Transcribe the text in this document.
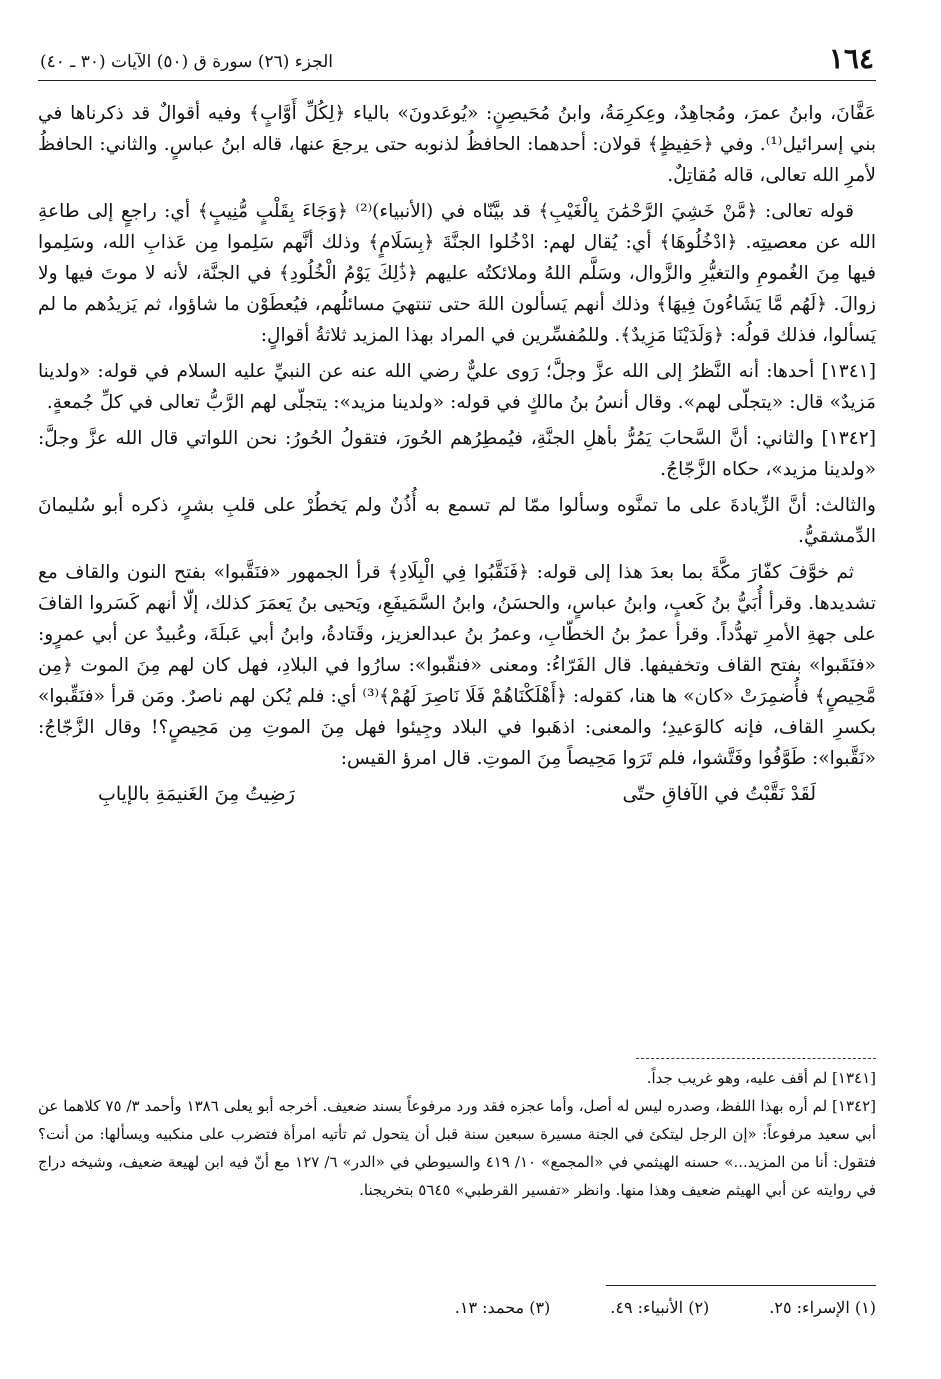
١٦٤
الجزء (٢٦) سورة ق (٥٠) الآيات (٣٠ ـ ٤٠)

عَفَّانَ، وابنُ عمرَ، ومُجاهِدٌ، وعِكرِمَةُ، وابنُ مُحَيصِنٍ: «يُوعَدونَ» بالياء ﴿لِكُلِّ أَوَّابٍ﴾ وفيه أقوالٌ قد ذكرناها في بني إسرائيل⁽¹⁾. وفي ﴿حَفِيظٍ﴾ قولان: أحدهما: الحافظُ لذنوبه حتى يرجعَ عنها، قاله ابنُ عباسٍ. والثاني: الحافظُ لأمرِ الله تعالى، قاله مُقاتِلٌ.

قوله تعالى: ﴿مَّنْ خَشِيَ الرَّحْمَٰنَ بِالْغَيْبِ﴾ قد بيَّنّاه في (الأنبياء)⁽²⁾ ﴿وَجَاءَ بِقَلْبٍ مُّنِيبٍ﴾ أي: راجعٍ إلى طاعةِ الله عن معصيتِه. ﴿ادْخُلُوهَا﴾ أي: يُقال لهم: ادْخُلوا الجنَّةَ ﴿بِسَلَامٍ﴾ وذلك أنَّهم سَلِموا مِن عَذابِ الله، وسَلِموا فيها مِنَ الغُمومِ والتغيُّرِ والزَّوال، وسَلَّم اللهُ وملائكتُه عليهم ﴿ذَٰلِكَ يَوْمُ الْخُلُودِ﴾ في الجنَّة، لأنه لا موتَ فيها ولا زوالَ. ﴿لَهُم مَّا يَشَاءُونَ فِيهَا﴾ وذلك أنهم يَسألون اللهَ حتى تنتهيَ مسائلُهم، فيُعطَوْن ما شاؤوا، ثم يَزيدُهم ما لم يَسألوا، فذلك قولُه: ﴿وَلَدَيْنَا مَزِيدٌ﴾. وللمُفسِّرين في المراد بهذا المزيد ثلاثةُ أقوالٍ:

[١٣٤١] أحدها: أنه النَّظرُ إلى الله عزَّ وجلَّ؛ رَوى عليٌّ رضي الله عنه عن النبيِّ عليه السلام في قوله: «ولدينا مَزيدٌ» قال: «يتجلّى لهم». وقال أنسُ بنُ مالكٍ في قوله: «ولدينا مزيد»: يتجلّى لهم الرَّبُّ تعالى في كلِّ جُمعةٍ.

[١٣٤٢] والثاني: أنَّ السَّحابَ يَمُرُّ بأهلِ الجنَّةِ، فيُمطِرُهم الحُورَ، فتقولُ الحُورُ: نحن اللواتي قال الله عزَّ وجلَّ: «ولدينا مزيد»، حكاه الزَّجّاجُ.

والثالث: أنَّ الزِّيادةَ على ما تمنَّوه وسألوا ممّا لم تسمع به أُذُنٌ ولم يَخطُرْ على قلبِ بشرٍ، ذكره أبو سُليمانَ الدِّمشقيُّ.

ثم خوَّفَ كفّارَ مكَّةَ بما بعدَ هذا إلى قوله: ﴿فَنَقَّبُوا فِي الْبِلَادِ﴾ قرأ الجمهور «فنَقَّبوا» بفتح النون والقاف مع تشديدها. وقرأ أُبَيُّ بنُ كَعبٍ، وابنُ عباسٍ، والحسَنُ، وابنُ السَّمَيفَعِ، ويَحيى بنُ يَعمَرَ كذلك، إلّا أنهم كَسَروا القافَ على جهةِ الأمرِ تهدُّداً. وقرأ عمرُ بنُ الخطّابِ، وعمرُ بنُ عبدالعزيز، وقَتادةُ، وابنُ أبي عَبلَةَ، وعُبيدٌ عن أبي عمرٍو: «فنَقَبوا» بفتح القاف وتخفيفها. قال الفَرّاءُ: ومعنى «فنقّبوا»: سارُوا في البلادِ، فهل كان لهم مِنَ الموت ﴿مِن مَّحِيصٍ﴾ فأُضمِرَتْ «كان» ها هنا، كقوله: ﴿أَهْلَكْنَاهُمْ فَلَا نَاصِرَ لَهُمْ﴾⁽³⁾ أي: فلم يُكن لهم ناصرٌ. ومَن قرأ «فنَقِّبوا» بكسرِ القاف، فإنه كالوَعيدِ؛ والمعنى: اذهَبوا في البلاد وجِيئوا فهل مِنَ الموتِ مِن مَحِيصٍ؟! وقال الزَّجّاجُ: «نَقَّبوا»: طَوَّفُوا وفَتَّشوا، فلم تَرَوا مَحِيصاً مِنَ الموتِ. قال امرؤ القيس:

لَقَدْ نَقَّبْتُ في الآفاقِ حتّى
رَضِيتُ مِنَ الغَنيمَةِ بالإيابِ

[١٣٤١] لم أقف عليه، وهو غريب جداً.

[١٣٤٢] لم أره بهذا اللفظ، وصدره ليس له أصل، وأما عجزه فقد ورد مرفوعاً بسند ضعيف. أخرجه أبو يعلى ١٣٨٦ وأحمد ٣/ ٧٥ كلاهما عن أبي سعيد مرفوعاً: «إن الرجل ليتكئ في الجنة مسيرة سبعين سنة قبل أن يتحول ثم تأتيه امرأة فتضرب على منكبيه ويسألها: من أنت؟ فتقول: أنا من المزيد...» حسنه الهيثمي في «المجمع» ١٠/ ٤١٩ والسيوطي في «الدر» ٦/ ١٢٧ مع أنّ فيه ابن لهيعة ضعيف، وشيخه دراج في روايته عن أبي الهيثم ضعيف وهذا منها. وانظر «تفسير القرطبي» ٥٦٤٥ بتخريجنا.

(١) الإسراء: ٢٥.
(٢) الأنبياء: ٤٩.
(٣) محمد: ١٣.
